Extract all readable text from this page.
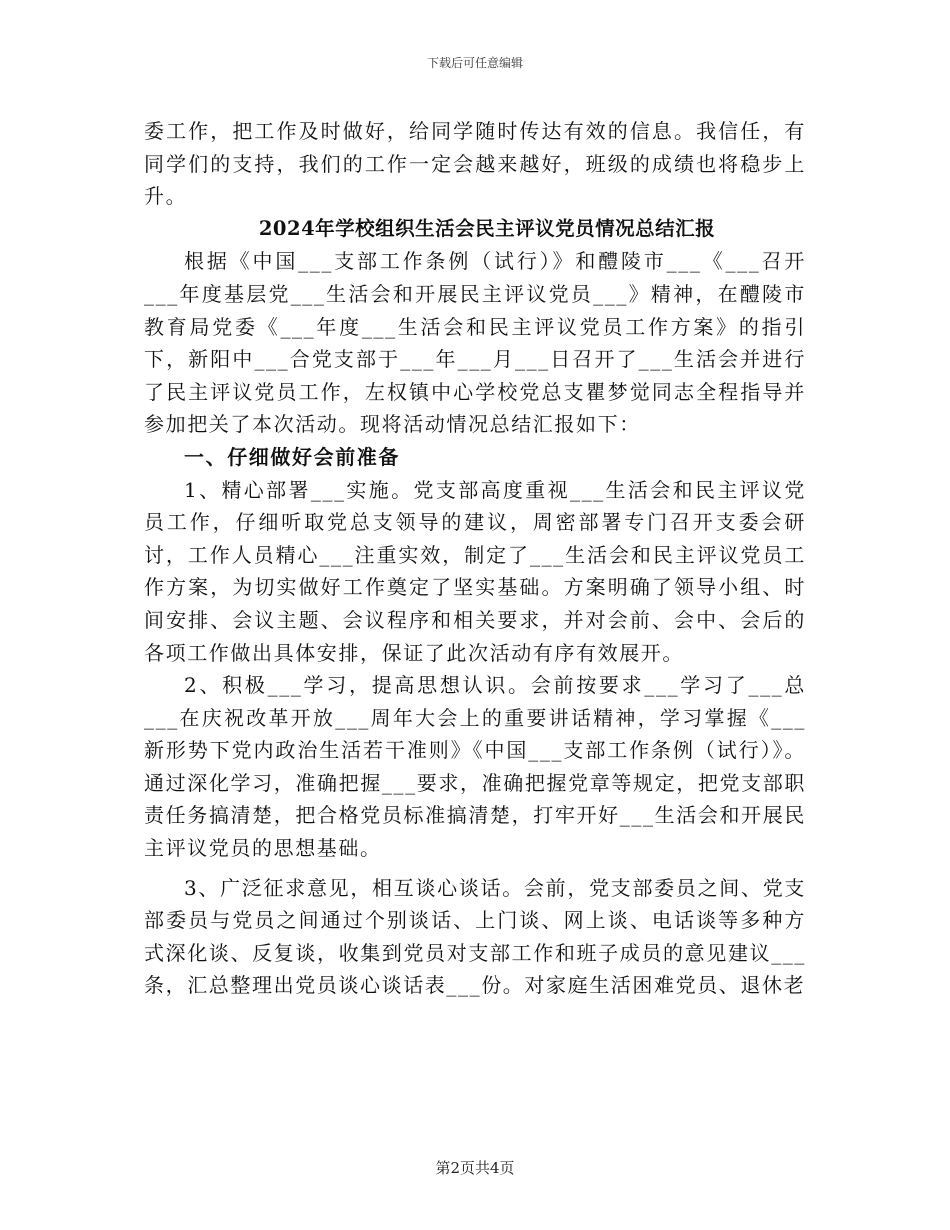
下载后可任意编辑

委工作，把工作及时做好，给同学随时传达有效的信息。我信任，有同学们的支持，我们的工作一定会越来越好，班级的成绩也将稳步上升。

2024年学校组织生活会民主评议党员情况总结汇报

根据《中国___支部工作条例（试行）》和醴陵市___《___召开___年度基层党___生活会和开展民主评议党员___》精神，在醴陵市教育局党委《___年度___生活会和民主评议党员工作方案》的指引下，新阳中___合党支部于___年___月___日召开了___生活会并进行了民主评议党员工作，左权镇中心学校党总支瞿梦觉同志全程指导并参加把关了本次活动。现将活动情况总结汇报如下：

一、仔细做好会前准备

1、精心部署___实施。党支部高度重视___生活会和民主评议党员工作，仔细听取党总支领导的建议，周密部署专门召开支委会研讨，工作人员精心___注重实效，制定了___生活会和民主评议党员工作方案，为切实做好工作奠定了坚实基础。方案明确了领导小组、时间安排、会议主题、会议程序和相关要求，并对会前、会中、会后的各项工作做出具体安排，保证了此次活动有序有效展开。

2、积极___学习，提高思想认识。会前按要求___学习了___总___在庆祝改革开放___周年大会上的重要讲话精神，学习掌握《___新形势下党内政治生活若干准则》《中国___支部工作条例（试行）》。通过深化学习，准确把握___要求，准确把握党章等规定，把党支部职责任务搞清楚，把合格党员标准搞清楚，打牢开好___生活会和开展民主评议党员的思想基础。

3、广泛征求意见，相互谈心谈话。会前，党支部委员之间、党支部委员与党员之间通过个别谈话、上门谈、网上谈、电话谈等多种方式深化谈、反复谈，收集到党员对支部工作和班子成员的意见建议___条，汇总整理出党员谈心谈话表___份。对家庭生活困难党员、退休老

第2页共4页
